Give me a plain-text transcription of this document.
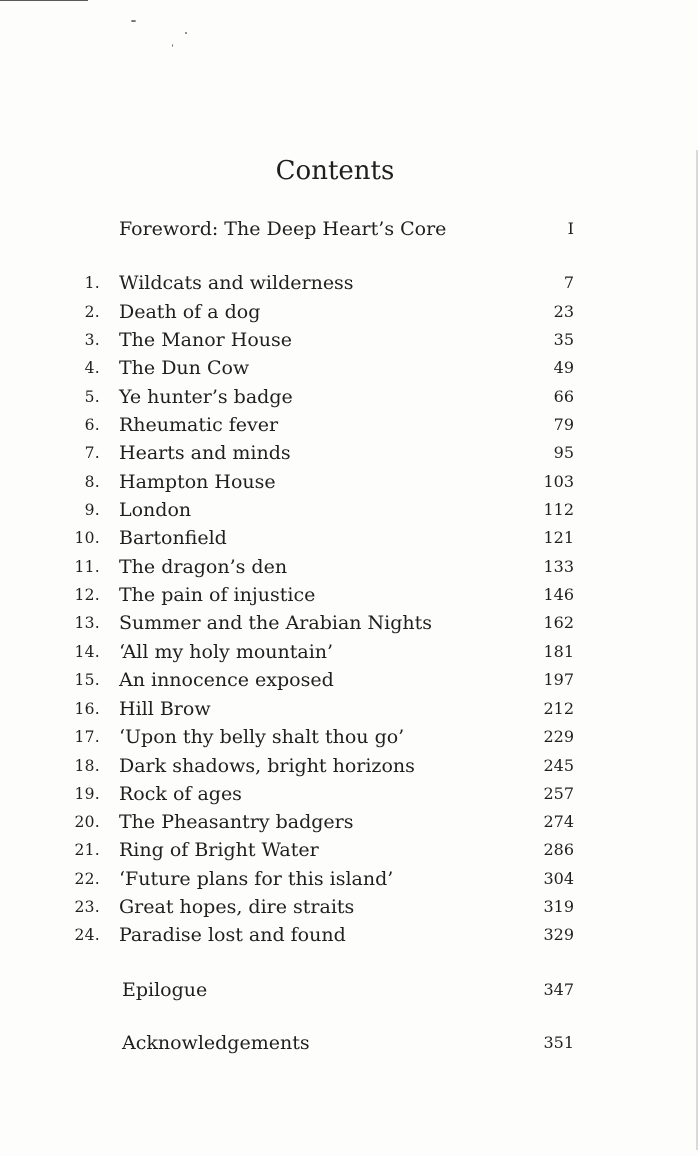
Contents
Foreword: The Deep Heart’s Core	I
1. Wildcats and wilderness	7
2. Death of a dog	23
3. The Manor House	35
4. The Dun Cow	49
5. Ye hunter’s badge	66
6. Rheumatic fever	79
7. Hearts and minds	95
8. Hampton House	103
9. London	112
10. Bartonfield	121
11. The dragon’s den	133
12. The pain of injustice	146
13. Summer and the Arabian Nights	162
14. ‘All my holy mountain’	181
15. An innocence exposed	197
16. Hill Brow	212
17. ‘Upon thy belly shalt thou go’	229
18. Dark shadows, bright horizons	245
19. Rock of ages	257
20. The Pheasantry badgers	274
21. Ring of Bright Water	286
22. ‘Future plans for this island’	304
23. Great hopes, dire straits	319
24. Paradise lost and found	329
Epilogue	347
Acknowledgements	351
